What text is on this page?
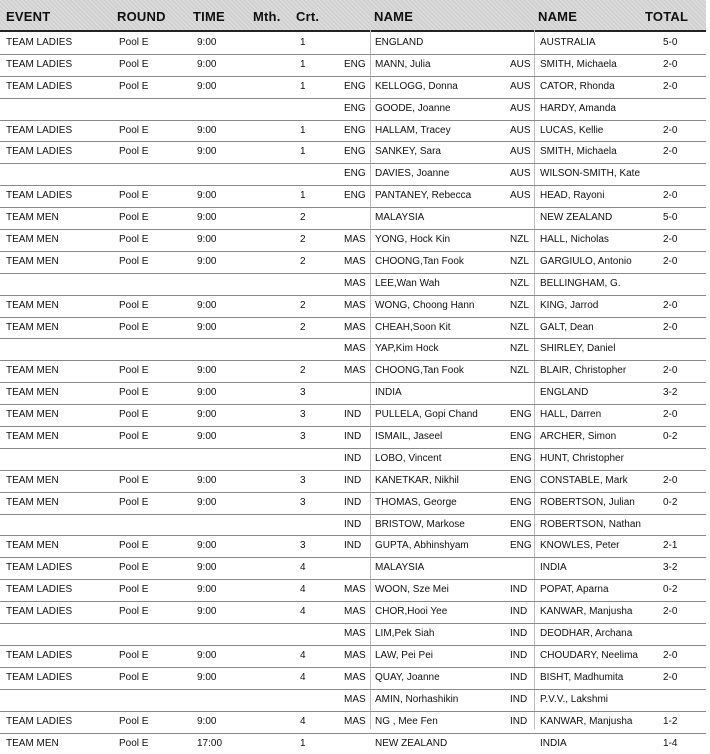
EVENT	ROUND TIME Mth. Crt.	NAME	NAME	TOTAL
TEAM LADIES	Pool E	9:00	1	ENGLAND	AUSTRALIA	5-0
TEAM LADIES	Pool E	9:00	1	ENG MANN, Julia	AUS SMITH, Michaela	2-0
TEAM LADIES	Pool E	9:00	1	ENG KELLOGG, Donna	AUS CATOR, Rhonda	2-0
ENG GOODE, Joanne	AUS HARDY, Amanda
TEAM LADIES	Pool E	9:00	1	ENG HALLAM, Tracey	AUS LUCAS, Kellie	2-0
TEAM LADIES	Pool E	9:00	1	ENG SANKEY, Sara	AUS SMITH, Michaela	2-0
ENG DAVIES, Joanne	AUS WILSON-SMITH, Kate
TEAM LADIES	Pool E	9:00	1	ENG PANTANEY, Rebecca	AUS HEAD, Rayoni	2-0
TEAM MEN	Pool E	9:00	2	MALAYSIA	NEW ZEALAND	5-0
TEAM MEN	Pool E	9:00	2	MAS YONG, Hock Kin	NZL HALL, Nicholas	2-0
TEAM MEN	Pool E	9:00	2	MAS CHOONG,Tan Fook	NZL GARGIULO, Antonio	2-0
MAS LEE,Wan Wah	NZL BELLINGHAM, G.
TEAM MEN	Pool E	9:00	2	MAS WONG, Choong Hann	NZL KING, Jarrod	2-0
TEAM MEN	Pool E	9:00	2	MAS CHEAH,Soon Kit	NZL GALT, Dean	2-0
MAS YAP,Kim Hock	NZL SHIRLEY, Daniel
TEAM MEN	Pool E	9:00	2	MAS CHOONG,Tan Fook	NZL BLAIR, Christopher	2-0
TEAM MEN	Pool E	9:00	3	INDIA	ENGLAND	3-2
TEAM MEN	Pool E	9:00	3	IND PULLELA, Gopi Chand	ENG HALL, Darren	2-0
TEAM MEN	Pool E	9:00	3	IND ISMAIL, Jaseel	ENG ARCHER, Simon	0-2
IND LOBO, Vincent	ENG HUNT, Christopher
TEAM MEN	Pool E	9:00	3	IND KANETKAR, Nikhil	ENG CONSTABLE, Mark	2-0
TEAM MEN	Pool E	9:00	3	IND THOMAS, George	ENG ROBERTSON, Julian	0-2
IND BRISTOW, Markose	ENG ROBERTSON, Nathan
TEAM MEN	Pool E	9:00	3	IND GUPTA, Abhinshyam	ENG KNOWLES, Peter	2-1
TEAM LADIES	Pool E	9:00	4	MALAYSIA	INDIA	3-2
TEAM LADIES	Pool E	9:00	4	MAS WOON, Sze Mei	IND POPAT, Aparna	0-2
TEAM LADIES	Pool E	9:00	4	MAS CHOR,Hooi Yee	IND KANWAR, Manjusha	2-0
MAS LIM,Pek Siah	IND DEODHAR, Archana
TEAM LADIES	Pool E	9:00	4	MAS LAW, Pei Pei	IND CHOUDARY, Neelima	2-0
TEAM LADIES	Pool E	9:00	4	MAS QUAY, Joanne	IND BISHT, Madhumita	2-0
MAS AMIN, Norhashikin	IND P.V.V., Lakshmi
TEAM LADIES	Pool E	9:00	4	MAS NG , Mee Fen	IND KANWAR, Manjusha	1-2
TEAM MEN	Pool E	17:00	1	NEW ZEALAND	INDIA	1-4
